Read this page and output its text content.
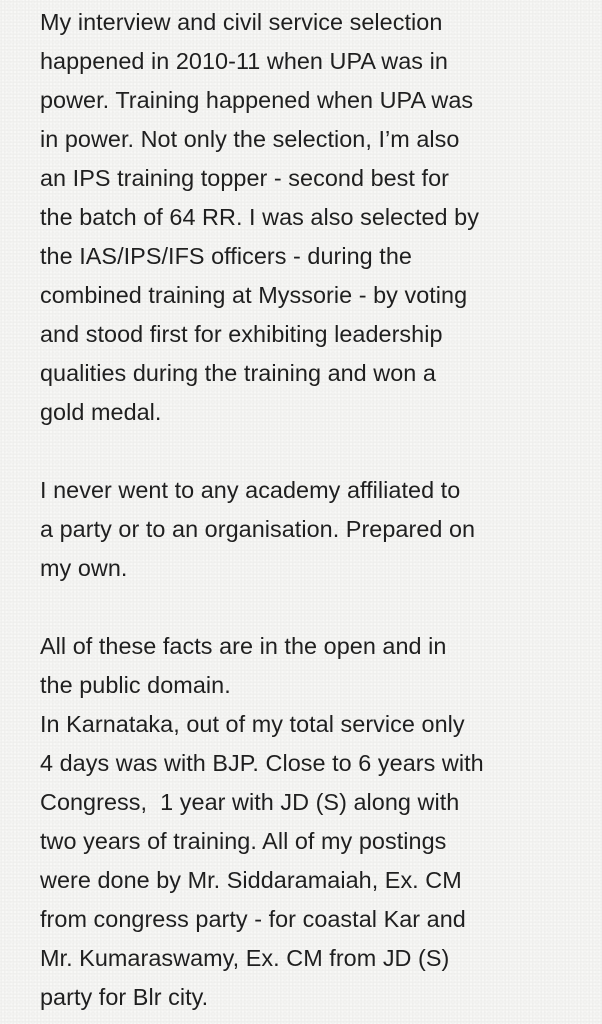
My interview and civil service selection
happened in 2010-11 when UPA was in
power. Training happened when UPA was
in power. Not only the selection, I’m also
an IPS training topper - second best for
the batch of 64 RR. I was also selected by
the IAS/IPS/IFS officers - during the
combined training at Myssorie - by voting
and stood first for exhibiting leadership
qualities during the training and won a
gold medal.
I never went to any academy affiliated to
a party or to an organisation. Prepared on
my own.
All of these facts are in the open and in
the public domain.
In Karnataka, out of my total service only
4 days was with BJP. Close to 6 years with
Congress,  1 year with JD (S) along with
two years of training. All of my postings
were done by Mr. Siddaramaiah, Ex. CM
from congress party - for coastal Kar and
Mr. Kumaraswamy, Ex. CM from JD (S)
party for Blr city.
